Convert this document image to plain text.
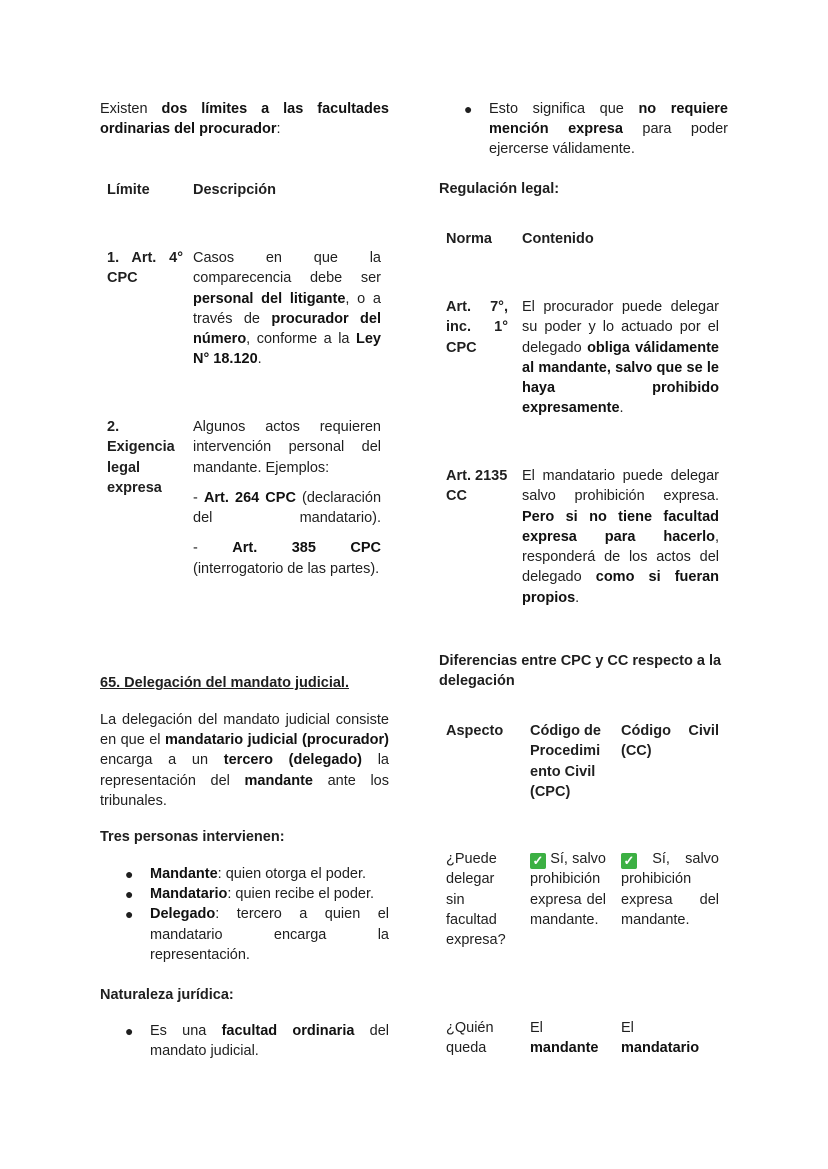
Existen dos límites a las facultades ordinarias del procurador:

Límite	Descripción
1. Art. 4° CPC
Casos en que la comparecencia debe ser personal del litigante, o a través de procurador del número, conforme a la Ley N° 18.120.
2. Exigencia legal expresa
Algunos actos requieren intervención personal del mandante. Ejemplos:
- Art. 264 CPC (declaración del mandatario).
- Art. 385 CPC (interrogatorio de las partes).
65. Delegación del mandato judicial.

La delegación del mandato judicial consiste en que el mandatario judicial (procurador) encarga a un tercero (delegado) la representación del mandante ante los tribunales.

Tres personas intervienen:
● Mandante: quien otorga el poder.
● Mandatario: quien recibe el poder.
● Delegado: tercero a quien el mandatario encarga la representación.
Naturaleza jurídica:
● Es una facultad ordinaria del mandato judicial.
● Esto significa que no requiere mención expresa para poder ejercerse válidamente.
Regulación legal:
Norma Contenido
Art. 7°, inc. 1° CPC
El procurador puede delegar su poder y lo actuado por el delegado obliga válidamente al mandante, salvo que se le haya prohibido expresamente.
Art. 2135 CC
El mandatario puede delegar salvo prohibición expresa. Pero si no tiene facultad expresa para hacerlo, responderá de los actos del delegado como si fueran propios.
Diferencias entre CPC y CC respecto a la delegación
Aspecto Código de Procedimiento Civil (CPC)
Código Civil (CC)
¿Puede delegar sin facultad expresa?
✓ Sí, salvo prohibición expresa del mandante.
✓ Sí, salvo prohibición expresa del mandante.
¿Quién queda
El
mandante
El
mandatario
